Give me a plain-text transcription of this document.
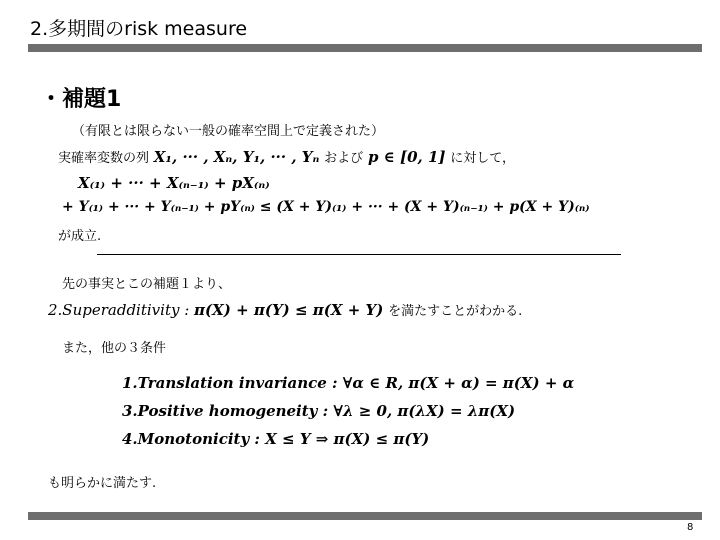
2.多期間のrisk measure
・補題1
（有限とは限らない一般の確率空間上で定義された）
実確率変数の列 X₁, ··· , Xₙ, Y₁, ··· , Yₙ および p ∈ [0, 1] に対して，
X₍₁₎ + ··· + X₍ₙ₋₁₎ + pX₍ₙ₎
+ Y₍₁₎ + ··· + Y₍ₙ₋₁₎ + pY₍ₙ₎ ≤ (X + Y)₍₁₎ + ··· + (X + Y)₍ₙ₋₁₎ + p(X + Y)₍ₙ₎
が成立.
先の事実とこの補題１より、
2.Superadditivity : π(X) + π(Y) ≤ π(X + Y) を満たすことがわかる.
また，他の３条件
1.Translation invariance : ∀α ∈ R, π(X + α) = π(X) + α
3.Positive homogeneity : ∀λ ≥ 0, π(λX) = λπ(X)
4.Monotonicity : X ≤ Y ⇒ π(X) ≤ π(Y)
も明らかに満たす.
8
